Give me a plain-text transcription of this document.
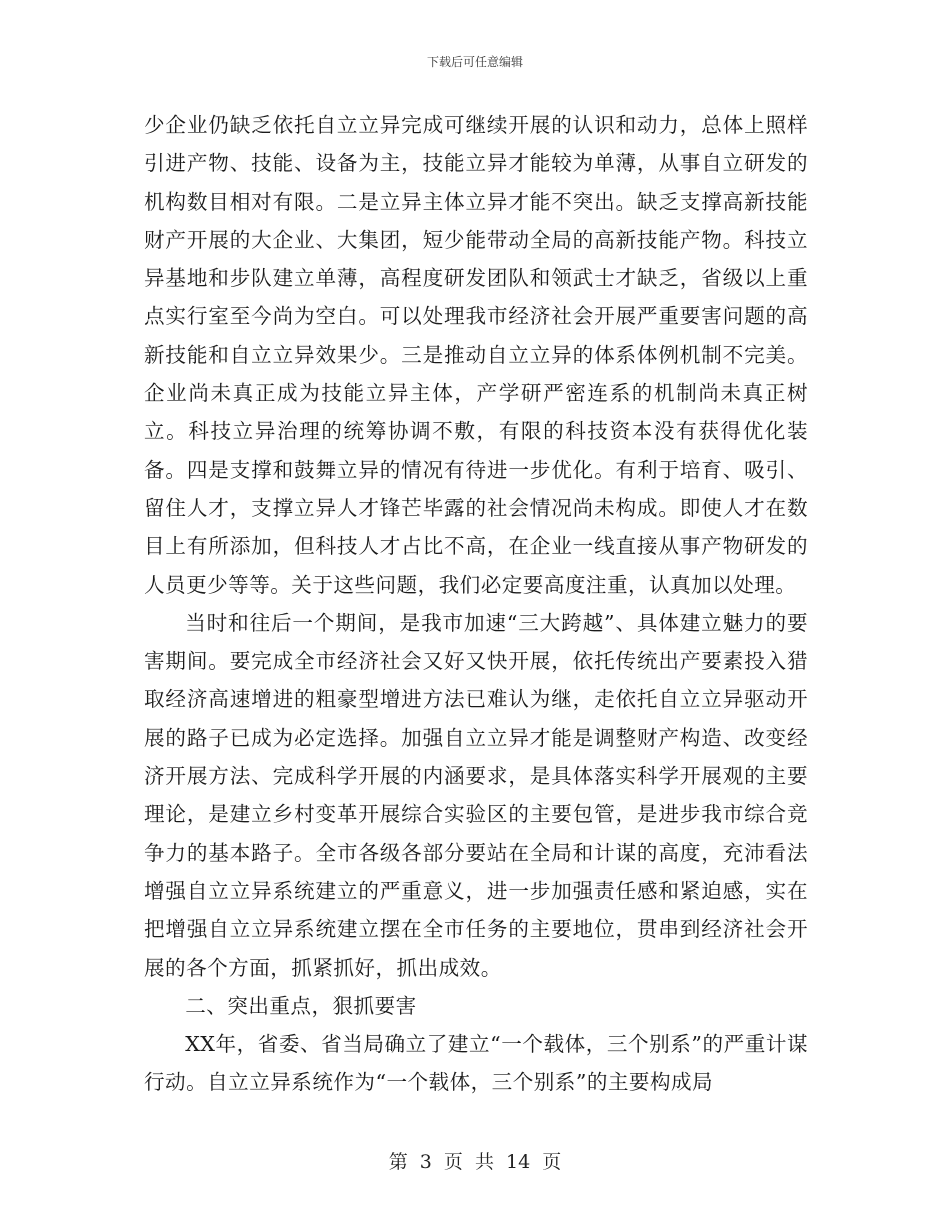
下载后可任意编辑

少企业仍缺乏依托自立立异完成可继续开展的认识和动力，总体上照样引进产物、技能、设备为主，技能立异才能较为单薄，从事自立研发的机构数目相对有限。二是立异主体立异才能不突出。缺乏支撑高新技能财产开展的大企业、大集团，短少能带动全局的高新技能产物。科技立异基地和步队建立单薄，高程度研发团队和领武士才缺乏，省级以上重点实行室至今尚为空白。可以处理我市经济社会开展严重要害问题的高新技能和自立立异效果少。三是推动自立立异的体系体例机制不完美。企业尚未真正成为技能立异主体，产学研严密连系的机制尚未真正树立。科技立异治理的统筹协调不敷，有限的科技资本没有获得优化装备。四是支撑和鼓舞立异的情况有待进一步优化。有利于培育、吸引、留住人才，支撑立异人才锋芒毕露的社会情况尚未构成。即使人才在数目上有所添加，但科技人才占比不高，在企业一线直接从事产物研发的人员更少等等。关于这些问题，我们必定要高度注重，认真加以处理。

当时和往后一个期间，是我市加速“三大跨越”、具体建立魅力的要害期间。要完成全市经济社会又好又快开展，依托传统出产要素投入猎取经济高速增进的粗豪型增进方法已难认为继，走依托自立立异驱动开展的路子已成为必定选择。加强自立立异才能是调整财产构造、改变经济开展方法、完成科学开展的内涵要求，是具体落实科学开展观的主要理论，是建立乡村变革开展综合实验区的主要包管，是进步我市综合竞争力的基本路子。全市各级各部分要站在全局和计谋的高度，充沛看法增强自立立异系统建立的严重意义，进一步加强责任感和紧迫感，实在把增强自立立异系统建立摆在全市任务的主要地位，贯串到经济社会开展的各个方面，抓紧抓好，抓出成效。

二、突出重点，狠抓要害

XX年，省委、省当局确立了建立“一个载体，三个别系”的严重计谋行动。自立立异系统作为“一个载体，三个别系”的主要构成局

第 3 页 共 14 页
